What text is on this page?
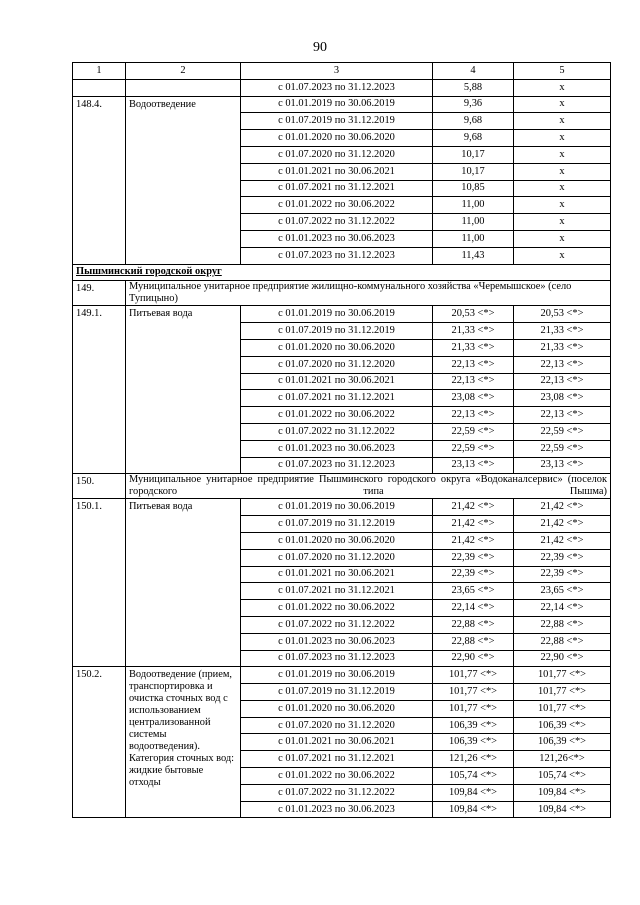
90
1	2	3	4	5
		с 01.07.2023 по 31.12.2023	5,88	x
148.4.	Водоотведение	с 01.01.2019 по 30.06.2019	9,36	x
		с 01.07.2019 по 31.12.2019	9,68	x
		с 01.01.2020 по 30.06.2020	9,68	x
		с 01.07.2020 по 31.12.2020	10,17	x
		с 01.01.2021 по 30.06.2021	10,17	x
		с 01.07.2021 по 31.12.2021	10,85	x
		с 01.01.2022 по 30.06.2022	11,00	x
		с 01.07.2022 по 31.12.2022	11,00	x
		с 01.01.2023 по 30.06.2023	11,00	x
		с 01.07.2023 по 31.12.2023	11,43	x
Пышминский городской округ				
149.	Муниципальное унитарное предприятие жилищно-коммунального хозяйства «Черемышское» (село Тупицыно)			
149.1.	Питьевая вода	с 01.01.2019 по 30.06.2019	20,53 <*>	20,53 <*>
		с 01.07.2019 по 31.12.2019	21,33 <*>	21,33 <*>
		с 01.01.2020 по 30.06.2020	21,33 <*>	21,33 <*>
		с 01.07.2020 по 31.12.2020	22,13 <*>	22,13 <*>
		с 01.01.2021 по 30.06.2021	22,13 <*>	22,13 <*>
		с 01.07.2021 по 31.12.2021	23,08 <*>	23,08 <*>
		с 01.01.2022 по 30.06.2022	22,13 <*>	22,13 <*>
		с 01.07.2022 по 31.12.2022	22,59 <*>	22,59 <*>
		с 01.01.2023 по 30.06.2023	22,59 <*>	22,59 <*>
		с 01.07.2023 по 31.12.2023	23,13 <*>	23,13 <*>
150.	Муниципальное унитарное предприятие Пышминского городского округа «Водоканалсервис» (поселок городского типа Пышма)			
150.1.	Питьевая вода	с 01.01.2019 по 30.06.2019	21,42 <*>	21,42 <*>
		с 01.07.2019 по 31.12.2019	21,42 <*>	21,42 <*>
		с 01.01.2020 по 30.06.2020	21,42 <*>	21,42 <*>
		с 01.07.2020 по 31.12.2020	22,39 <*>	22,39 <*>
		с 01.01.2021 по 30.06.2021	22,39 <*>	22,39 <*>
		с 01.07.2021 по 31.12.2021	23,65 <*>	23,65 <*>
		с 01.01.2022 по 30.06.2022	22,14 <*>	22,14 <*>
		с 01.07.2022 по 31.12.2022	22,88 <*>	22,88 <*>
		с 01.01.2023 по 30.06.2023	22,88 <*>	22,88 <*>
		с 01.07.2023 по 31.12.2023	22,90 <*>	22,90 <*>
150.2.	Водоотведение (прием, транспортировка и очистка сточных вод с использованием централизованной системы водоотведения). Категория сточных вод: жидкие бытовые отходы	с 01.01.2019 по 30.06.2019	101,77 <*>	101,77 <*>
		с 01.07.2019 по 31.12.2019	101,77 <*>	101,77 <*>
		с 01.01.2020 по 30.06.2020	101,77 <*>	101,77 <*>
		с 01.07.2020 по 31.12.2020	106,39 <*>	106,39 <*>
		с 01.01.2021 по 30.06.2021	106,39 <*>	106,39 <*>
		с 01.07.2021 по 31.12.2021	121,26 <*>	121,26<*>
		с 01.01.2022 по 30.06.2022	105,74 <*>	105,74 <*>
		с 01.07.2022 по 31.12.2022	109,84 <*>	109,84 <*>
		с 01.01.2023 по 30.06.2023	109,84 <*>	109,84 <*>
